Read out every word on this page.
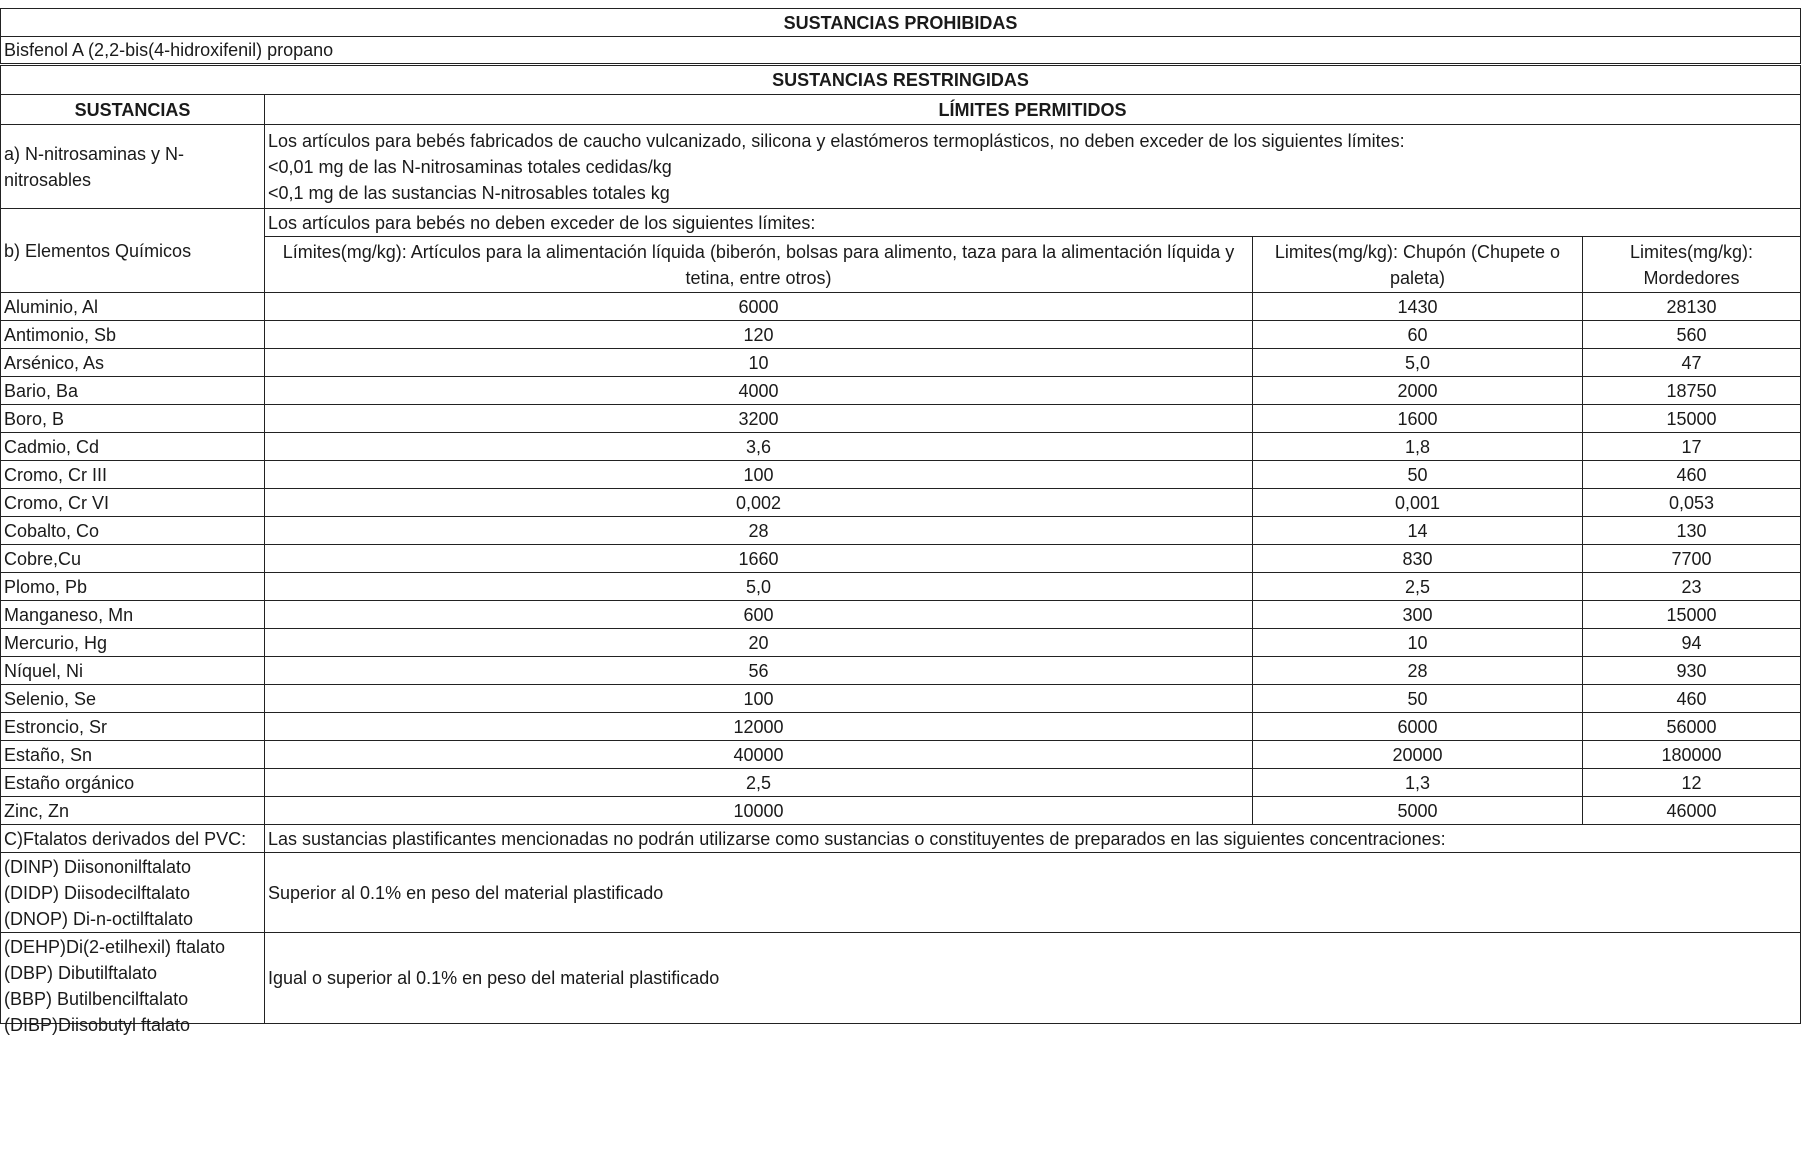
SUSTANCIAS PROHIBIDAS			
Bisfenol A (2,2-bis(4-hidroxifenil) propano			
SUSTANCIAS RESTRINGIDAS			
SUSTANCIAS	LÍMITES PERMITIDOS		
a) N-nitrosaminas y N-nitrosables	Los artículos para bebés fabricados de caucho vulcanizado, silicona y elastómeros termoplásticos, no deben exceder de los siguientes límites:
<0,01 mg de las N-nitrosaminas totales cedidas/kg
<0,1 mg de las sustancias N-nitrosables totales kg		

b) Elementos Químicos	Los artículos para bebés no deben exceder de los siguientes límites:		
	Límites(mg/kg): Artículos para la alimentación líquida (biberón, bolsas para alimento, taza para la alimentación líquida y tetina, entre otros)	Limites(mg/kg): Chupón (Chupete o paleta)	Limites(mg/kg): Mordedores
Aluminio, Al	6000	1430	28130
Antimonio, Sb	120	60	560
Arsénico, As	10	5,0	47
Bario, Ba	4000	2000	18750
Boro, B	3200	1600	15000
Cadmio, Cd	3,6	1,8	17
Cromo, Cr III	100	50	460
Cromo, Cr VI	0,002	0,001	0,053
Cobalto, Co	28	14	130
Cobre,Cu	1660	830	7700
Plomo, Pb	5,0	2,5	23
Manganeso, Mn	600	300	15000
Mercurio, Hg	20	10	94
Níquel, Ni	56	28	930
Selenio, Se	100	50	460
Estroncio, Sr	12000	6000	56000
Estaño, Sn	40000	20000	180000
Estaño orgánico	2,5	1,3	12
Zinc, Zn	10000	5000	46000
C)Ftalatos derivados del PVC:	Las sustancias plastificantes mencionadas no podrán utilizarse como sustancias o constituyentes de preparados en las siguientes concentraciones:		

(DINP) Diisononilftalato
(DIDP) Diisodecilftalato
(DNOP) Di-n-octilftalato	Superior al 0.1% en peso del material plastificado		

(DEHP)Di(2-etilhexil) ftalato
(DBP) Dibutilftalato
(BBP) Butilbencilftalato
(DIBP)Diisobutyl ftalato	Igual o superior al 0.1% en peso del material plastificado		
